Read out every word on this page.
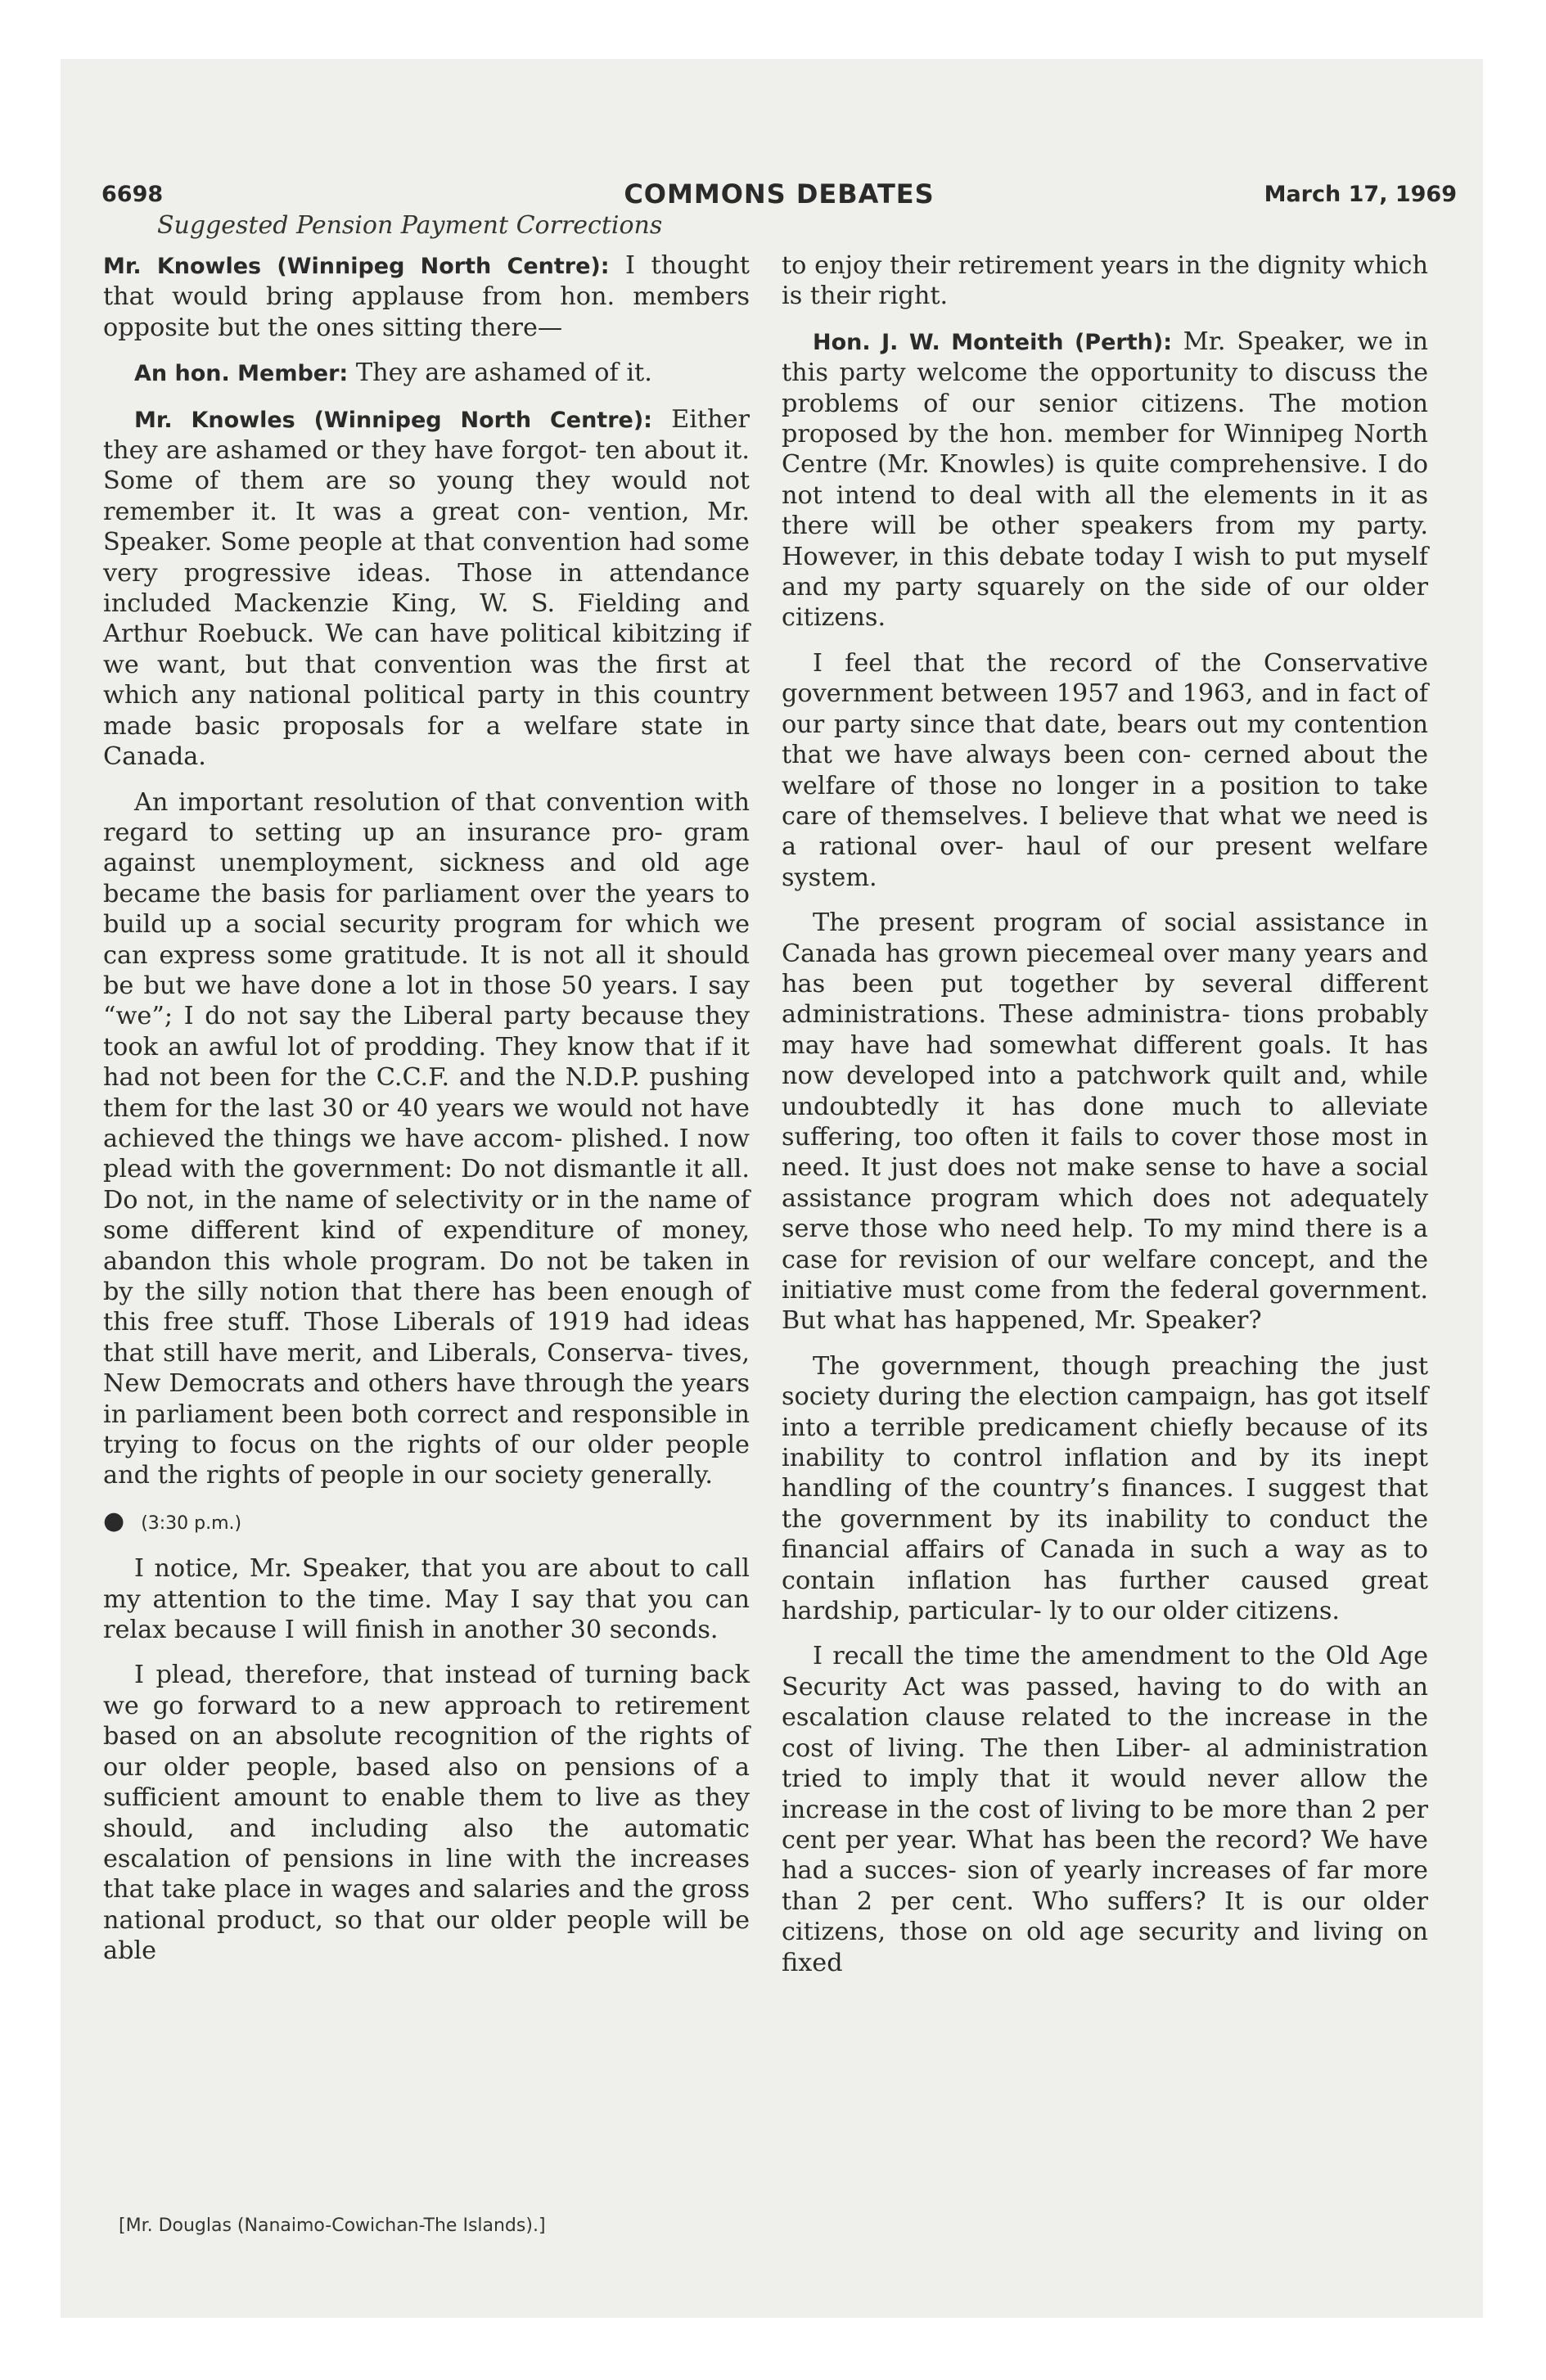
6698	COMMONS DEBATES	March 17, 1969
Suggested Pension Payment Corrections

Mr. Knowles (Winnipeg North Centre): I thought that would bring applause from hon. members opposite but the ones sitting there—

An hon. Member: They are ashamed of it.

Mr. Knowles (Winnipeg North Centre): Either they are ashamed or they have forgot- ten about it. Some of them are so young they would not remember it. It was a great con- vention, Mr. Speaker. Some people at that convention had some very progressive ideas. Those in attendance included Mackenzie King, W. S. Fielding and Arthur Roebuck. We can have political kibitzing if we want, but that convention was the first at which any national political party in this country made basic proposals for a welfare state in Canada.

An important resolution of that convention with regard to setting up an insurance pro- gram against unemployment, sickness and old age became the basis for parliament over the years to build up a social security program for which we can express some gratitude. It is not all it should be but we have done a lot in those 50 years. I say “we”; I do not say the Liberal party because they took an awful lot of prodding. They know that if it had not been for the C.C.F. and the N.D.P. pushing them for the last 30 or 40 years we would not have achieved the things we have accom- plished. I now plead with the government: Do not dismantle it all. Do not, in the name of selectivity or in the name of some different kind of expenditure of money, abandon this whole program. Do not be taken in by the silly notion that there has been enough of this free stuff. Those Liberals of 1919 had ideas that still have merit, and Liberals, Conserva- tives, New Democrats and others have through the years in parliament been both correct and responsible in trying to focus on the rights of our older people and the rights of people in our society generally.

● (3:30 p.m.)

I notice, Mr. Speaker, that you are about to call my attention to the time. May I say that you can relax because I will finish in another 30 seconds.

I plead, therefore, that instead of turning back we go forward to a new approach to retirement based on an absolute recognition of the rights of our older people, based also on pensions of a sufficient amount to enable them to live as they should, and including also the automatic escalation of pensions in line with the increases that take place in wages and salaries and the gross national product, so that our older people will be able

to enjoy their retirement years in the dignity which is their right.

Hon. J. W. Monteith (Perth): Mr. Speaker, we in this party welcome the opportunity to discuss the problems of our senior citizens. The motion proposed by the hon. member for Winnipeg North Centre (Mr. Knowles) is quite comprehensive. I do not intend to deal with all the elements in it as there will be other speakers from my party. However, in this debate today I wish to put myself and my party squarely on the side of our older citizens.

I feel that the record of the Conservative government between 1957 and 1963, and in fact of our party since that date, bears out my contention that we have always been con- cerned about the welfare of those no longer in a position to take care of themselves. I believe that what we need is a rational over- haul of our present welfare system.

The present program of social assistance in Canada has grown piecemeal over many years and has been put together by several different administrations. These administra- tions probably may have had somewhat different goals. It has now developed into a patchwork quilt and, while undoubtedly it has done much to alleviate suffering, too often it fails to cover those most in need. It just does not make sense to have a social assistance program which does not adequately serve those who need help. To my mind there is a case for revision of our welfare concept, and the initiative must come from the federal government. But what has happened, Mr. Speaker?

The government, though preaching the just society during the election campaign, has got itself into a terrible predicament chiefly because of its inability to control inflation and by its inept handling of the country’s finances. I suggest that the government by its inability to conduct the financial affairs of Canada in such a way as to contain inflation has further caused great hardship, particular- ly to our older citizens.

I recall the time the amendment to the Old Age Security Act was passed, having to do with an escalation clause related to the increase in the cost of living. The then Liber- al administration tried to imply that it would never allow the increase in the cost of living to be more than 2 per cent per year. What has been the record? We have had a succes- sion of yearly increases of far more than 2 per cent. Who suffers? It is our older citizens, those on old age security and living on fixed

[Mr. Douglas (Nanaimo-Cowichan-The Islands).]
